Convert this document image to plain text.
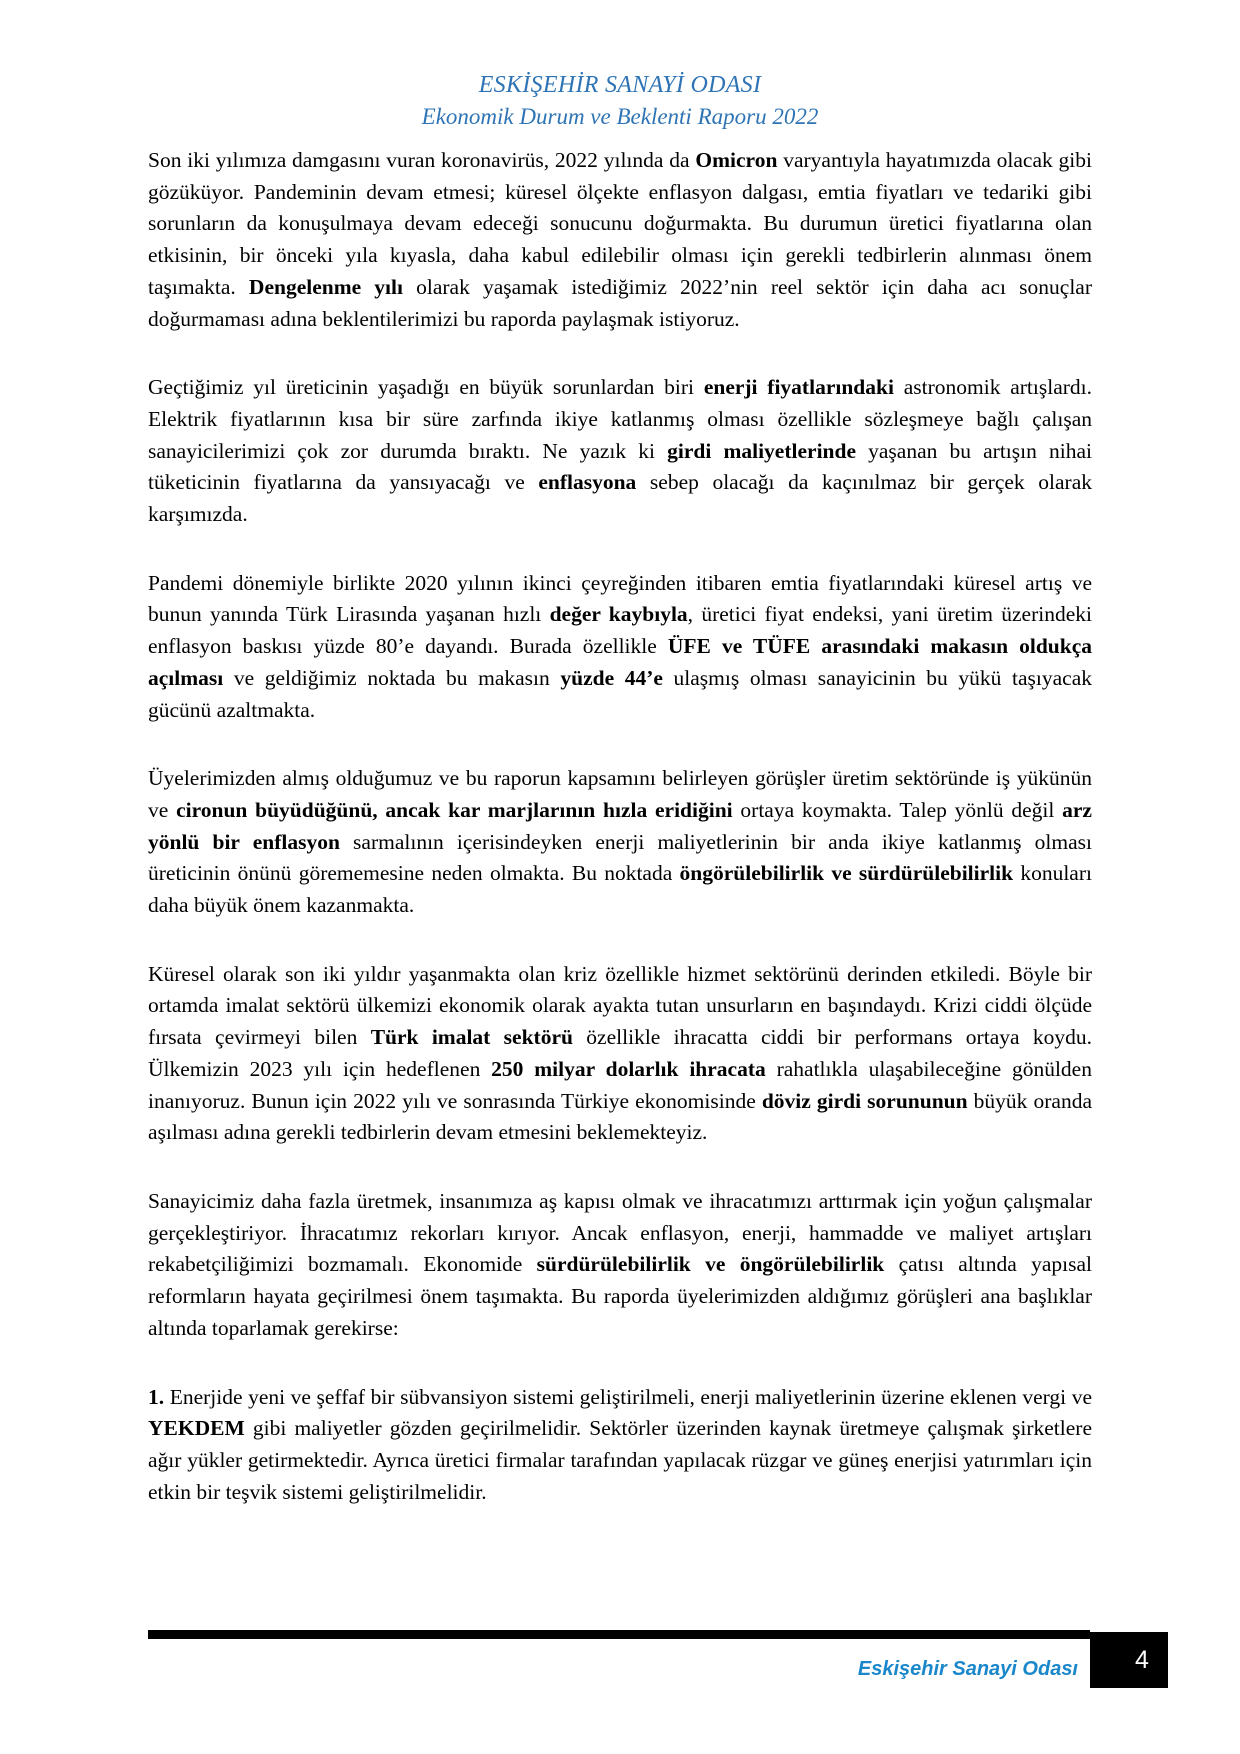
ESKİŞEHİR SANAYİ ODASI
Ekonomik Durum ve Beklenti Raporu 2022

Son iki yılımıza damgasını vuran koronavirüs, 2022 yılında da Omicron varyantıyla hayatımızda olacak gibi gözüküyor. Pandeminin devam etmesi; küresel ölçekte enflasyon dalgası, emtia fiyatları ve tedariki gibi sorunların da konuşulmaya devam edeceği sonucunu doğurmakta. Bu durumun üretici fiyatlarına olan etkisinin, bir önceki yıla kıyasla, daha kabul edilebilir olması için gerekli tedbirlerin alınması önem taşımakta. Dengelenme yılı olarak yaşamak istediğimiz 2022’nin reel sektör için daha acı sonuçlar doğurmaması adına beklentilerimizi bu raporda paylaşmak istiyoruz.

Geçtiğimiz yıl üreticinin yaşadığı en büyük sorunlardan biri enerji fiyatlarındaki astronomik artışlardı. Elektrik fiyatlarının kısa bir süre zarfında ikiye katlanmış olması özellikle sözleşmeye bağlı çalışan sanayicilerimizi çok zor durumda bıraktı. Ne yazık ki girdi maliyetlerinde yaşanan bu artışın nihai tüketicinin fiyatlarına da yansıyacağı ve enflasyona sebep olacağı da kaçınılmaz bir gerçek olarak karşımızda.

Pandemi dönemiyle birlikte 2020 yılının ikinci çeyreğinden itibaren emtia fiyatlarındaki küresel artış ve bunun yanında Türk Lirasında yaşanan hızlı değer kaybıyla, üretici fiyat endeksi, yani üretim üzerindeki enflasyon baskısı yüzde 80’e dayandı. Burada özellikle ÜFE ve TÜFE arasındaki makasın oldukça açılması ve geldiğimiz noktada bu makasın yüzde 44’e ulaşmış olması sanayicinin bu yükü taşıyacak gücünü azaltmakta.

Üyelerimizden almış olduğumuz ve bu raporun kapsamını belirleyen görüşler üretim sektöründe iş yükünün ve cironun büyüdüğünü, ancak kar marjlarının hızla eridiğini ortaya koymakta. Talep yönlü değil arz yönlü bir enflasyon sarmalının içerisindeyken enerji maliyetlerinin bir anda ikiye katlanmış olması üreticinin önünü görememesine neden olmakta. Bu noktada öngörülebilirlik ve sürdürülebilirlik konuları daha büyük önem kazanmakta.

Küresel olarak son iki yıldır yaşanmakta olan kriz özellikle hizmet sektörünü derinden etkiledi. Böyle bir ortamda imalat sektörü ülkemizi ekonomik olarak ayakta tutan unsurların en başındaydı. Krizi ciddi ölçüde fırsata çevirmeyi bilen Türk imalat sektörü özellikle ihracatta ciddi bir performans ortaya koydu. Ülkemizin 2023 yılı için hedeflenen 250 milyar dolarlık ihracata rahatlıkla ulaşabileceğine gönülden inanıyoruz. Bunun için 2022 yılı ve sonrasında Türkiye ekonomisinde döviz girdi sorununun büyük oranda aşılması adına gerekli tedbirlerin devam etmesini beklemekteyiz.

Sanayicimiz daha fazla üretmek, insanımıza aş kapısı olmak ve ihracatımızı arttırmak için yoğun çalışmalar gerçekleştiriyor. İhracatımız rekorları kırıyor. Ancak enflasyon, enerji, hammadde ve maliyet artışları rekabetçiliğimizi bozmamalı. Ekonomide sürdürülebilirlik ve öngörülebilirlik çatısı altında yapısal reformların hayata geçirilmesi önem taşımakta. Bu raporda üyelerimizden aldığımız görüşleri ana başlıklar altında toparlamak gerekirse:

1. Enerjide yeni ve şeffaf bir sübvansiyon sistemi geliştirilmeli, enerji maliyetlerinin üzerine eklenen vergi ve YEKDEM gibi maliyetler gözden geçirilmelidir. Sektörler üzerinden kaynak üretmeye çalışmak şirketlere ağır yükler getirmektedir. Ayrıca üretici firmalar tarafından yapılacak rüzgar ve güneş enerjisi yatırımları için etkin bir teşvik sistemi geliştirilmelidir.

Eskişehir Sanayi Odası 4
